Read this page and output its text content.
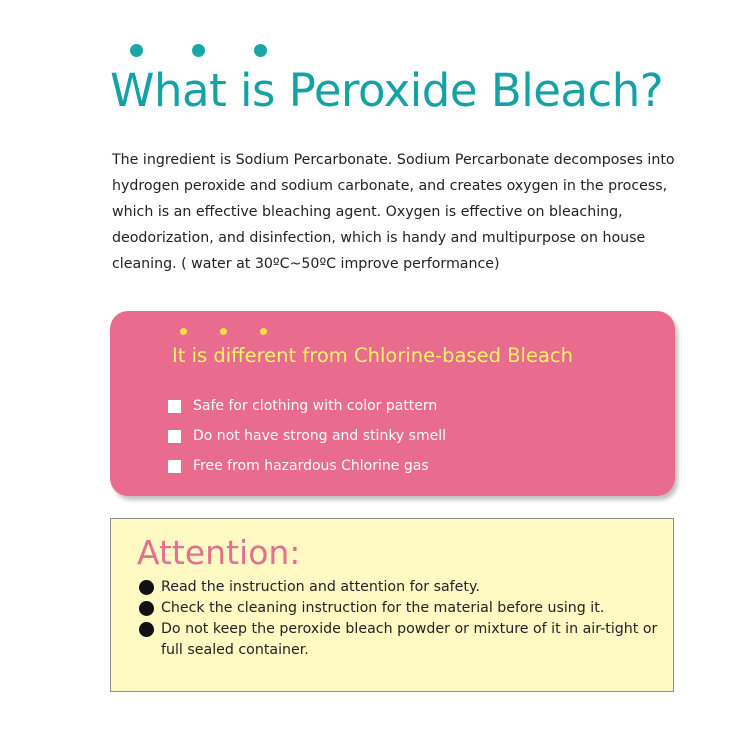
What is Peroxide Bleach?

The ingredient is Sodium Percarbonate. Sodium Percarbonate decomposes into hydrogen peroxide and sodium carbonate, and creates oxygen in the process, which is an effective bleaching agent. Oxygen is effective on bleaching, deodorization, and disinfection, which is handy and multipurpose on house cleaning. ( water at 30ºC~50ºC improve performance)

It is different from Chlorine-based Bleach
Safe for clothing with color pattern
Do not have strong and stinky smell
Free from hazardous Chlorine gas
Attention:
Read the instruction and attention for safety.
Check the cleaning instruction for the material before using it.
Do not keep the peroxide bleach powder or mixture of it in air-tight or full sealed container.
